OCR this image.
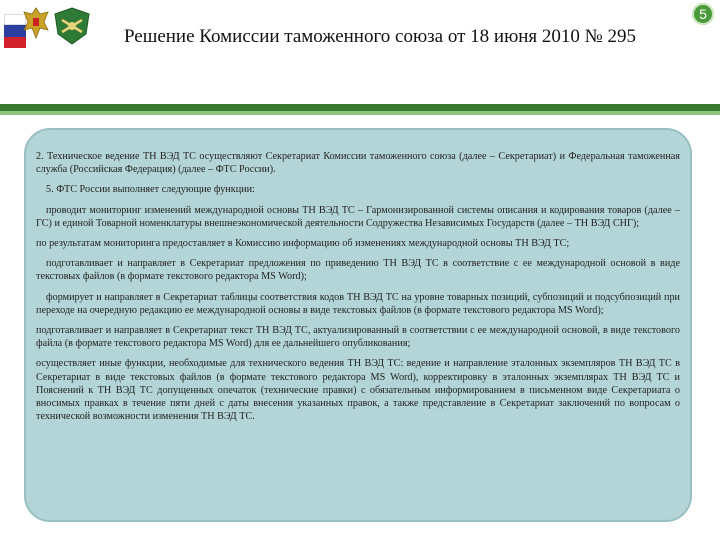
Решение Комиссии таможенного союза от 18 июня 2010 № 295
5

2. Техническое ведение ТН ВЭД ТС осуществляют Секретариат Комиссии таможенного союза (далее – Секретариат) и Федеральная таможенная служба (Российская Федерация) (далее – ФТС России).

5. ФТС России выполняет следующие функции:

проводит мониторинг изменений международной основы ТН ВЭД ТС – Гармонизированной системы описания и кодирования товаров (далее – ГС) и единой Товарной номенклатуры внешнеэкономической деятельности Содружества Независимых Государств (далее – ТН ВЭД СНГ);

по результатам мониторинга предоставляет в Комиссию информацию об изменениях международной основы ТН ВЭД ТС;

подготавливает и направляет в Секретариат предложения по приведению ТН ВЭД ТС в соответствие с ее международной основой в виде текстовых файлов (в формате текстового редактора MS Word);

формирует и направляет в Секретариат таблицы соответствия кодов ТН ВЭД ТС на уровне товарных позиций, субпозиций и подсубпозиций при переходе на очередную редакцию ее международной основы в виде текстовых файлов (в формате текстового редактора MS Word);

подготавливает и направляет в Секретариат текст ТН ВЭД ТС, актуализированный в соответствии с ее международной основой, в виде текстового файла (в формате текстового редактора MS Word) для ее дальнейшего опубликования;

осуществляет иные функции, необходимые для технического ведения ТН ВЭД ТС: ведение и направление эталонных экземпляров ТН ВЭД ТС в Секретариат в виде текстовых файлов (в формате текстового редактора MS Word), корректировку в эталонных экземплярах ТН ВЭД ТС и Пояснений к ТН ВЭД ТС допущенных опечаток (технические правки) с обязательным информированием в письменном виде Секретариата о вносимых правках в течение пяти дней с даты внесения указанных правок, а также представление в Секретариат заключений по вопросам о технической возможности изменения ТН ВЭД ТС.
